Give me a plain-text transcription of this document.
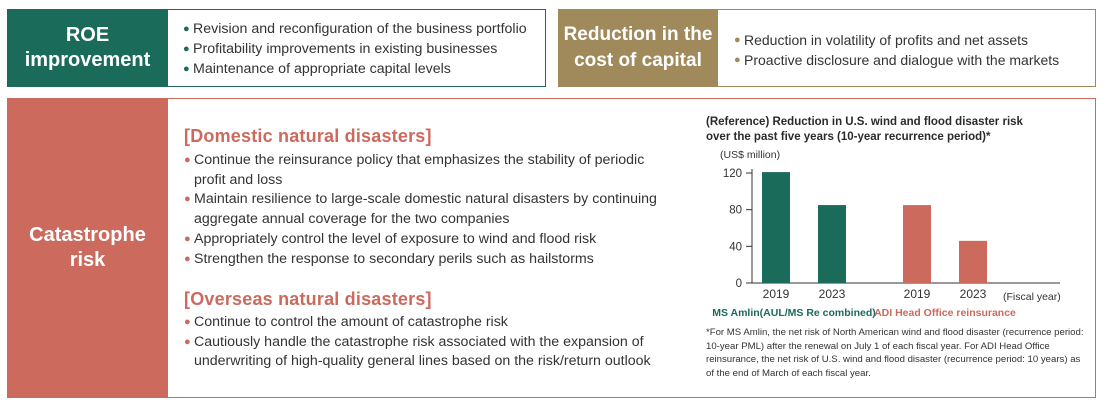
ROE
improvement
● Revision and reconfiguration of the business portfolio
● Profitability improvements in existing businesses
● Maintenance of appropriate capital levels
Reduction in the
cost of capital
● Reduction in volatility of profits and net assets
● Proactive disclosure and dialogue with the markets
Catastrophe
risk
[Domestic natural disasters]
● Continue the reinsurance policy that emphasizes the stability of periodic
profit and loss
● Maintain resilience to large-scale domestic natural disasters by continuing
aggregate annual coverage for the two companies
● Appropriately control the level of exposure to wind and flood risk
● Strengthen the response to secondary perils such as hailstorms
[Overseas natural disasters]
● Continue to control the amount of catastrophe risk
● Cautiously handle the catastrophe risk associated with the expansion of
underwriting of high-quality general lines based on the risk/return outlook
(Reference) Reduction in U.S. wind and flood disaster risk
over the past five years (10-year recurrence period)*
(US$ million)
0
40
80
120
2019 2023
MS Amlin(AUL/MS Re combined)
2019 2023
ADI Head Office reinsurance
(Fiscal year)
*For MS Amlin, the net risk of North American wind and flood disaster (recurrence period:
10-year PML) after the renewal on July 1 of each fiscal year. For ADI Head Office
reinsurance, the net risk of U.S. wind and flood disaster (recurrence period: 10 years) as
of the end of March of each fiscal year.
